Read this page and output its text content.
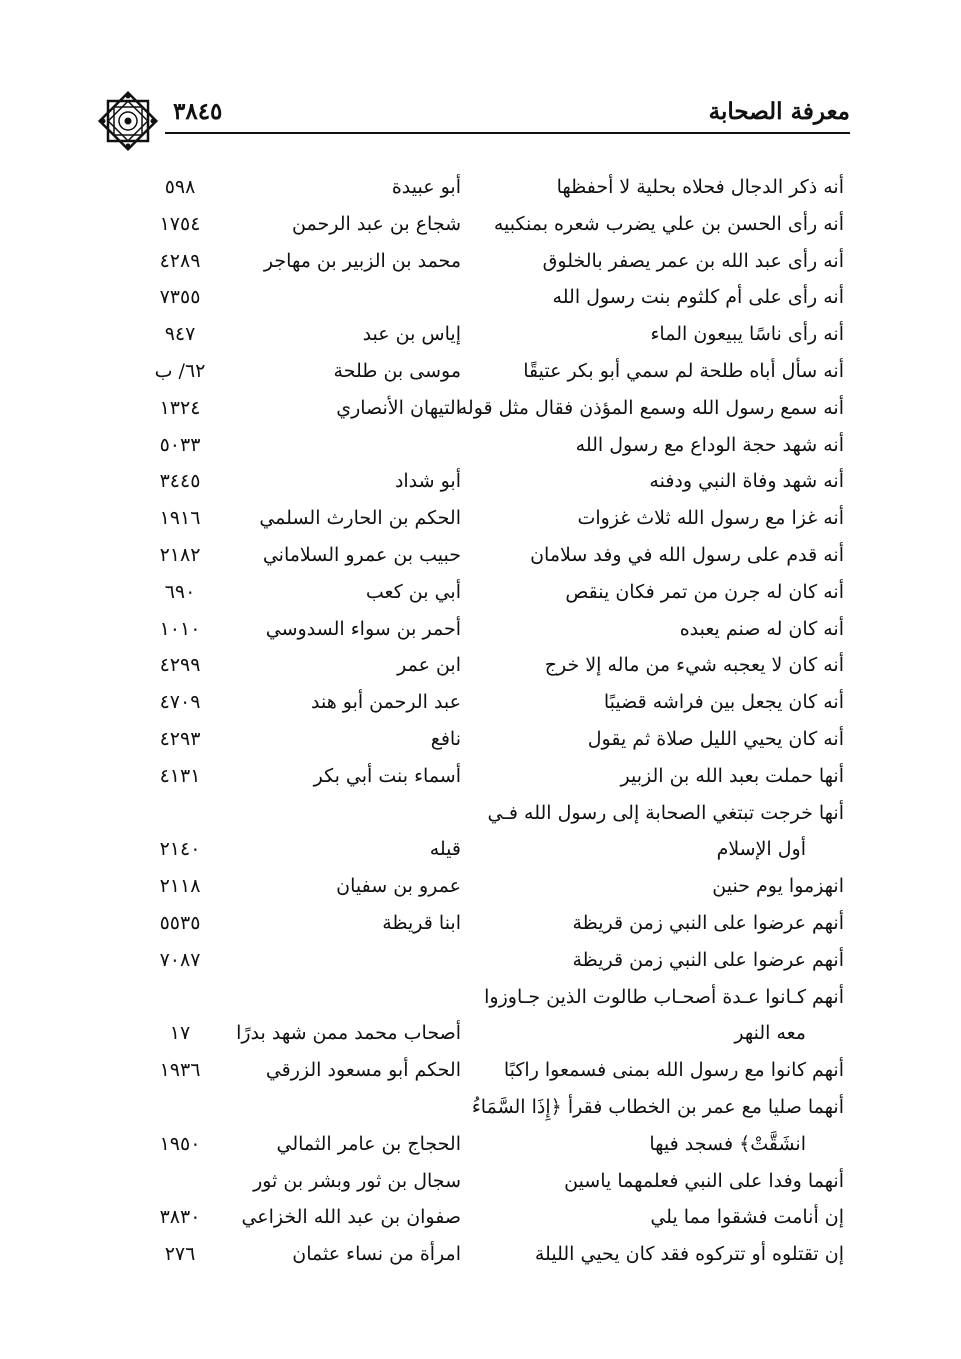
٣٨٤٥	معرفة الصحابة
أنه ذكر الدجال فحلاه بحلية لا أحفظها
أبو عبيدة
٥٩٨
أنه رأى الحسن بن علي يضرب شعره بمنكبيه
شجاع بن عبد الرحمن
١٧٥٤
أنه رأى عبد الله بن عمر يصفر بالخلوق
محمد بن الزبير بن مهاجر
٤٢٨٩
أنه رأى على أم كلثوم بنت رسول الله
٧٣٥٥
أنه رأى ناسًا يبيعون الماء
إياس بن عبد
٩٤٧
أنه سأل أباه طلحة لم سمي أبو بكر عتيقًا
موسى بن طلحة
٦٢/ ب
أنه سمع رسول الله وسمع المؤذن فقال مثل قوله
التيهان الأنصاري
١٣٢٤
أنه شهد حجة الوداع مع رسول الله
٥٠٣٣
أنه شهد وفاة النبي ودفنه
أبو شداد
٣٤٤٥
أنه غزا مع رسول الله ثلاث غزوات
الحكم بن الحارث السلمي
١٩١٦
أنه قدم على رسول الله في وفد سلامان
حبيب بن عمرو السلاماني
٢١٨٢
أنه كان له جرن من تمر فكان ينقص
أبي بن كعب
٦٩٠
أنه كان له صنم يعبده
أحمر بن سواء السدوسي
١٠١٠
أنه كان لا يعجبه شيء من ماله إلا خرج
ابن عمر
٤٢٩٩
أنه كان يجعل بين فراشه قضيبًا
عبد الرحمن أبو هند
٤٧٠٩
أنه كان يحيي الليل صلاة ثم يقول
نافع
٤٢٩٣
أنها حملت بعبد الله بن الزبير
أسماء بنت أبي بكر
٤١٣١
أنها خرجت تبتغي الصحابة إلى رسول الله فـي
أول الإسلام
قيله
٢١٤٠
انهزموا يوم حنين
عمرو بن سفيان
٢١١٨
أنهم عرضوا على النبي زمن قريظة
ابنا قريظة
٥٥٣٥
أنهم عرضوا على النبي زمن قريظة
٧٠٨٧
أنهم كـانوا عـدة أصحـاب طالوت الذين جـاوزوا
معه النهر
أصحاب محمد ممن شهد بدرًا
١٧
أنهم كانوا مع رسول الله بمنى فسمعوا راكبًا
الحكم أبو مسعود الزرقي
١٩٣٦
أنهما صليا مع عمر بن الخطاب فقرأ ﴿إِذَا السَّمَاءُ
انشَقَّتْ﴾ فسجد فيها
الحجاج بن عامر الثمالي
١٩٥٠
أنهما وفدا على النبي فعلمهما ياسين
سجال بن ثور وبشر بن ثور
إن أنامت فشقوا مما يلي
صفوان بن عبد الله الخزاعي
٣٨٣٠
إن تقتلوه أو تتركوه فقد كان يحيي الليلة
امرأة من نساء عثمان
٢٧٦
